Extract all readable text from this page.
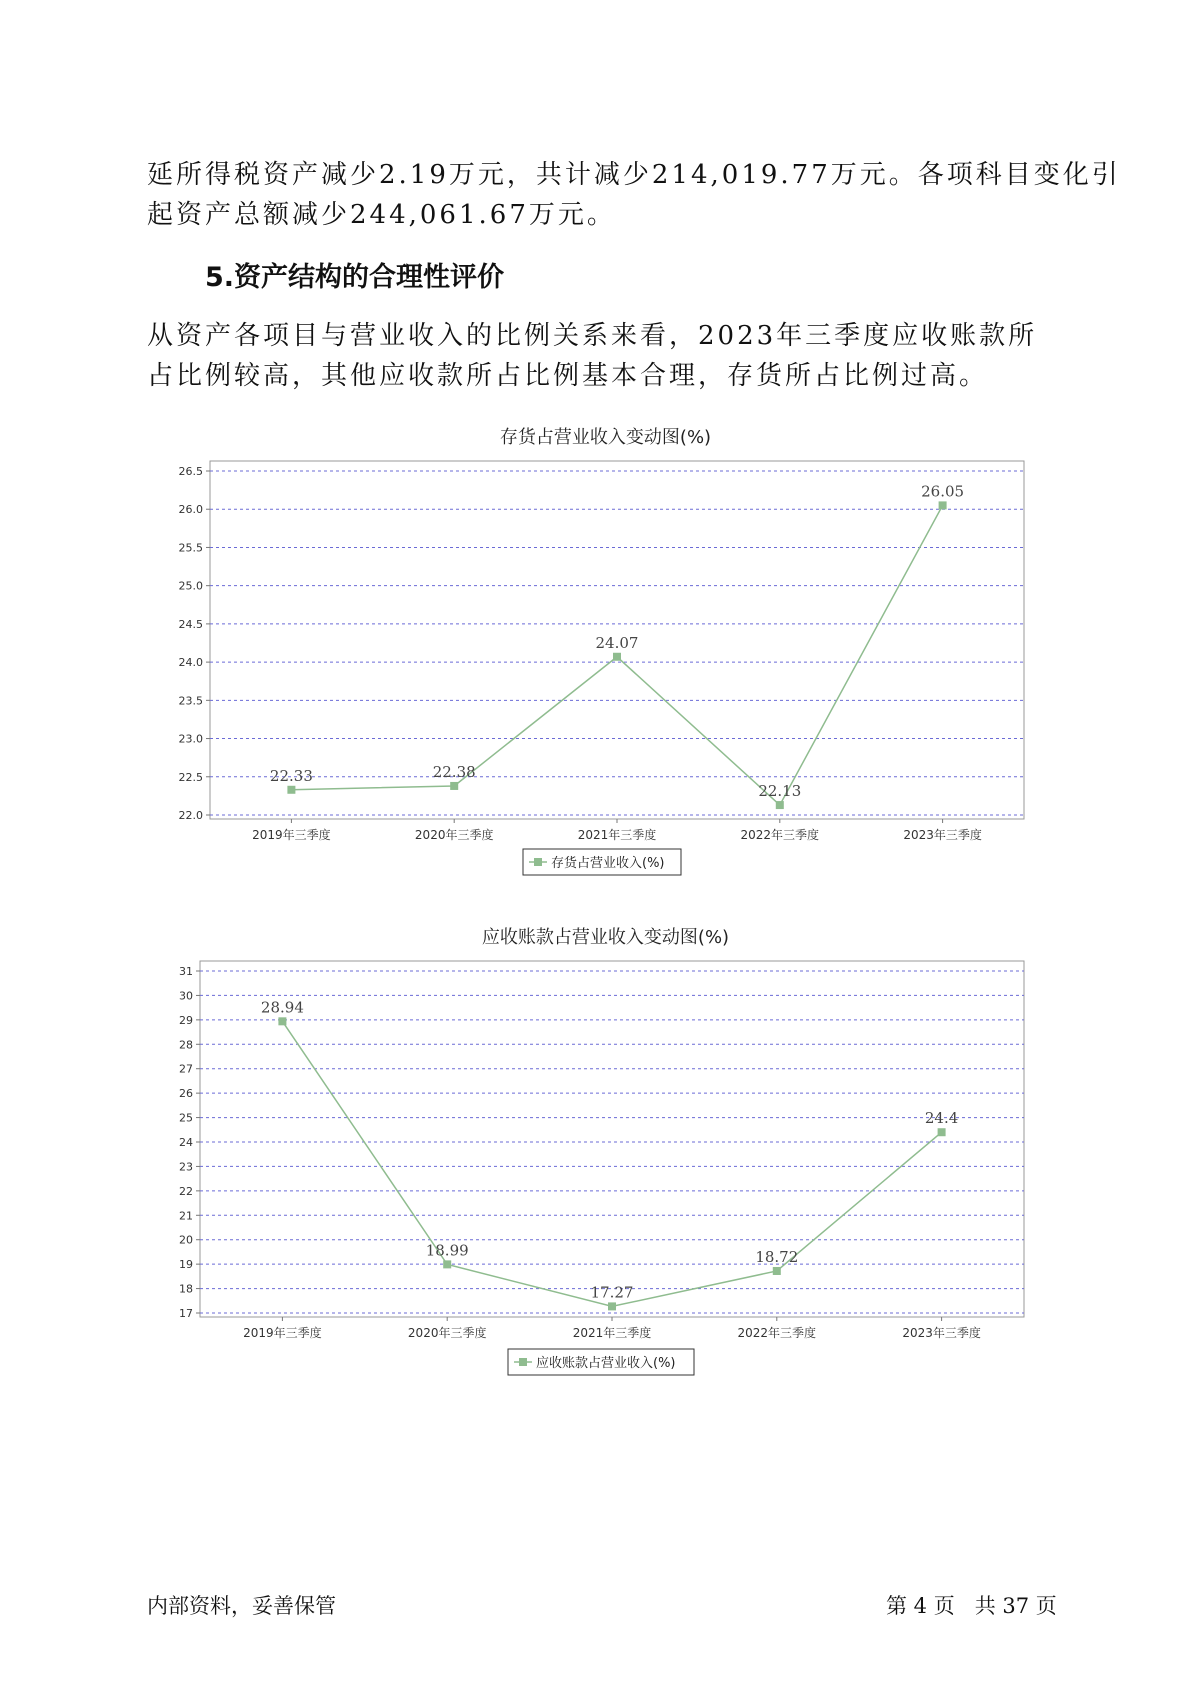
延所得税资产减少2.19万元，共计减少214,019.77万元。各项科目变化引
起资产总额减少244,061.67万元。
5.资产结构的合理性评价
从资产各项目与营业收入的比例关系来看，2023年三季度应收账款所
占比例较高，其他应收款所占比例基本合理，存货所占比例过高。
存货占营业收入变动图(%)
22.0
22.5
23.0
23.5
24.0
24.5
25.0
25.5
26.0
26.5
2019年三季度	2020年三季度	2021年三季度	2022年三季度	2023年三季度
22.33	22.38
24.07
22.13
26.05
存货占营业收入(%)
应收账款占营业收入变动图(%)
17
18
19
20
21
22
23
24
25
26
27
28
29
30
31
2019年三季度	2020年三季度	2021年三季度	2022年三季度	2023年三季度
28.94
18.99
17.27
18.72
24.4
应收账款占营业收入(%)
内部资料，妥善保管	第 4 页   共 37 页
